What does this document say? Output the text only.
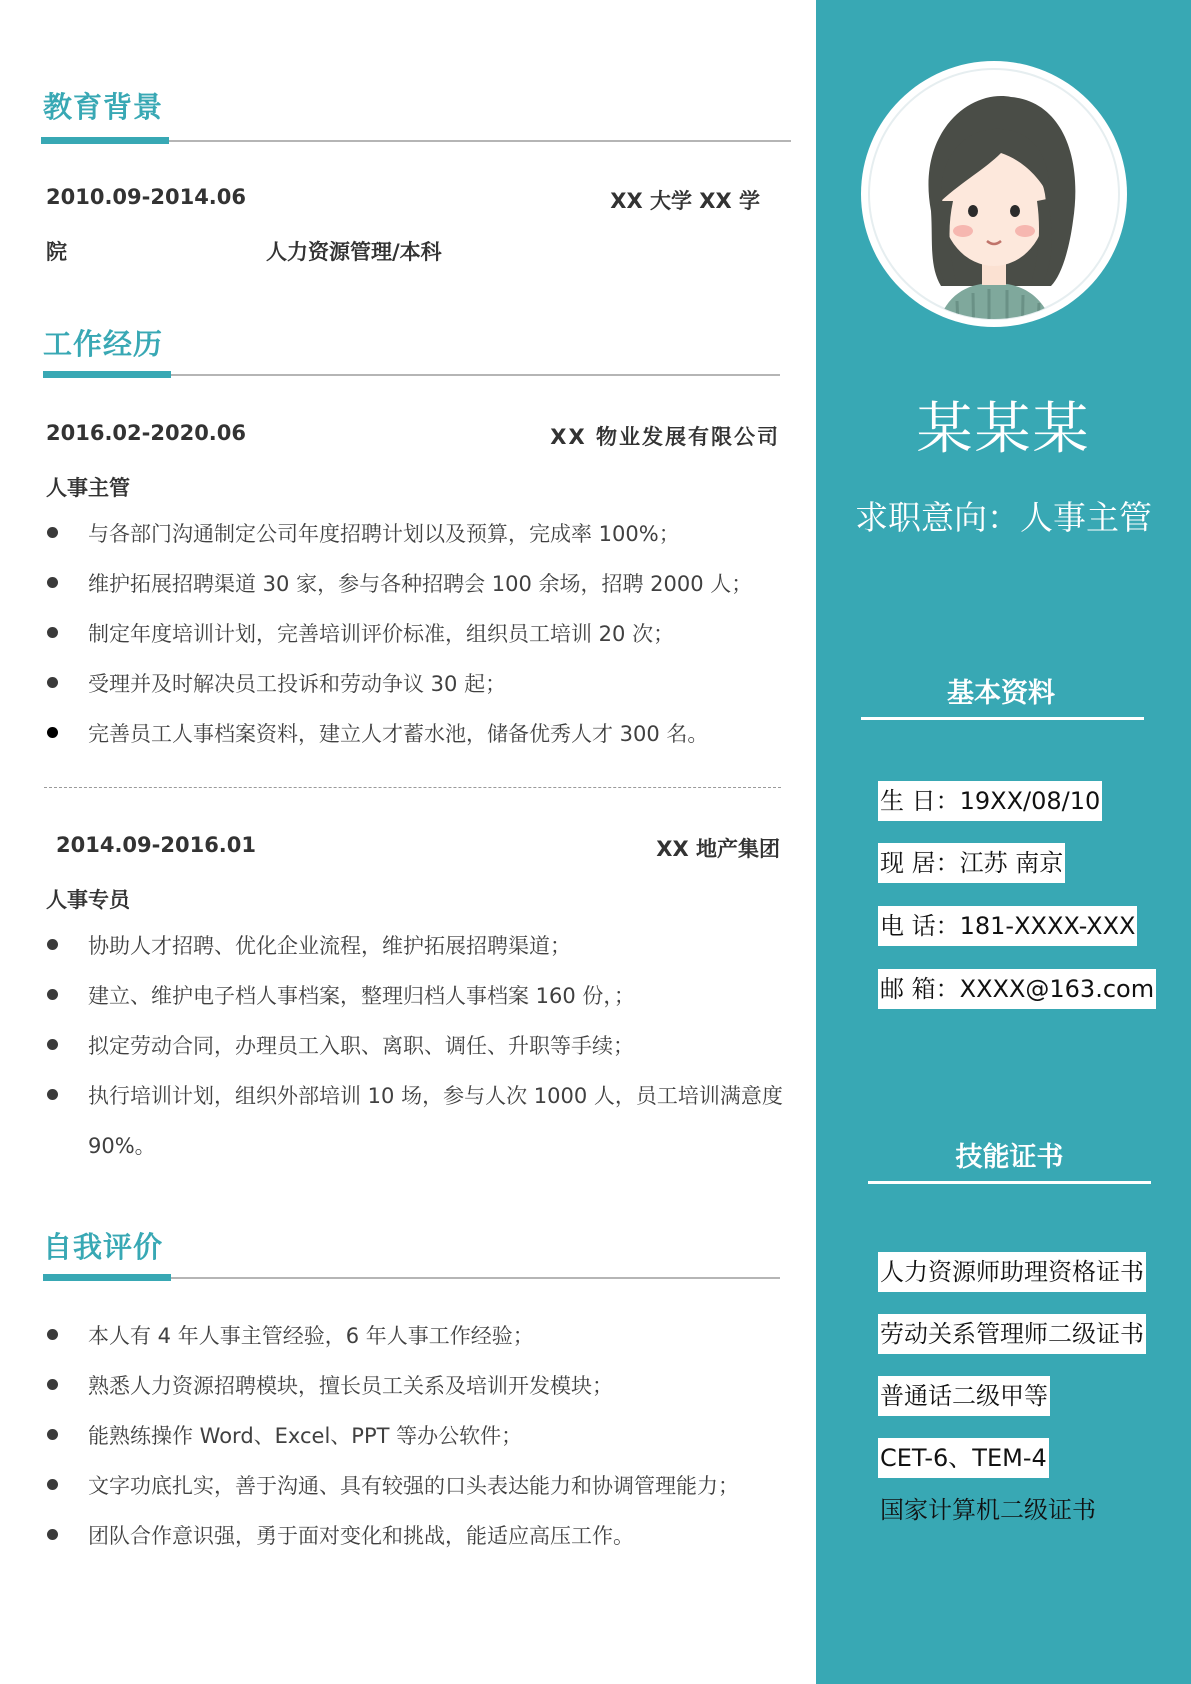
教育背景
2010.09-2014.06	XX 大学 XX 学
院	人力资源管理/本科
工作经历
2016.02-2020.06	XX 物业发展有限公司
人事主管
与各部门沟通制定公司年度招聘计划以及预算，完成率 100%；
维护拓展招聘渠道 30 家，参与各种招聘会 100 余场，招聘 2000 人；
制定年度培训计划，完善培训评价标准，组织员工培训 20 次；
受理并及时解决员工投诉和劳动争议 30 起；
完善员工人事档案资料，建立人才蓄水池，储备优秀人才 300 名。
2014.09-2016.01	XX 地产集团
人事专员
协助人才招聘、优化企业流程，维护拓展招聘渠道；
建立、维护电子档人事档案，整理归档人事档案 160 份，；
拟定劳动合同，办理员工入职、离职、调任、升职等手续；
执行培训计划，组织外部培训 10 场，参与人次 1000 人，员工培训满意度 90%。
自我评价
本人有 4 年人事主管经验，6 年人事工作经验；
熟悉人力资源招聘模块，擅长员工关系及培训开发模块；
能熟练操作 Word、Excel、PPT 等办公软件；
文字功底扎实，善于沟通、具有较强的口头表达能力和协调管理能力；
团队合作意识强，勇于面对变化和挑战，能适应高压工作。
某某某
求职意向：人事主管
基本资料
生 日：19XX/08/10
现 居：江苏 南京
电 话：181-XXXX-XXX
邮 箱：XXXX@163.com
技能证书
人力资源师助理资格证书
劳动关系管理师二级证书
普通话二级甲等
CET-6、TEM-4
国家计算机二级证书
